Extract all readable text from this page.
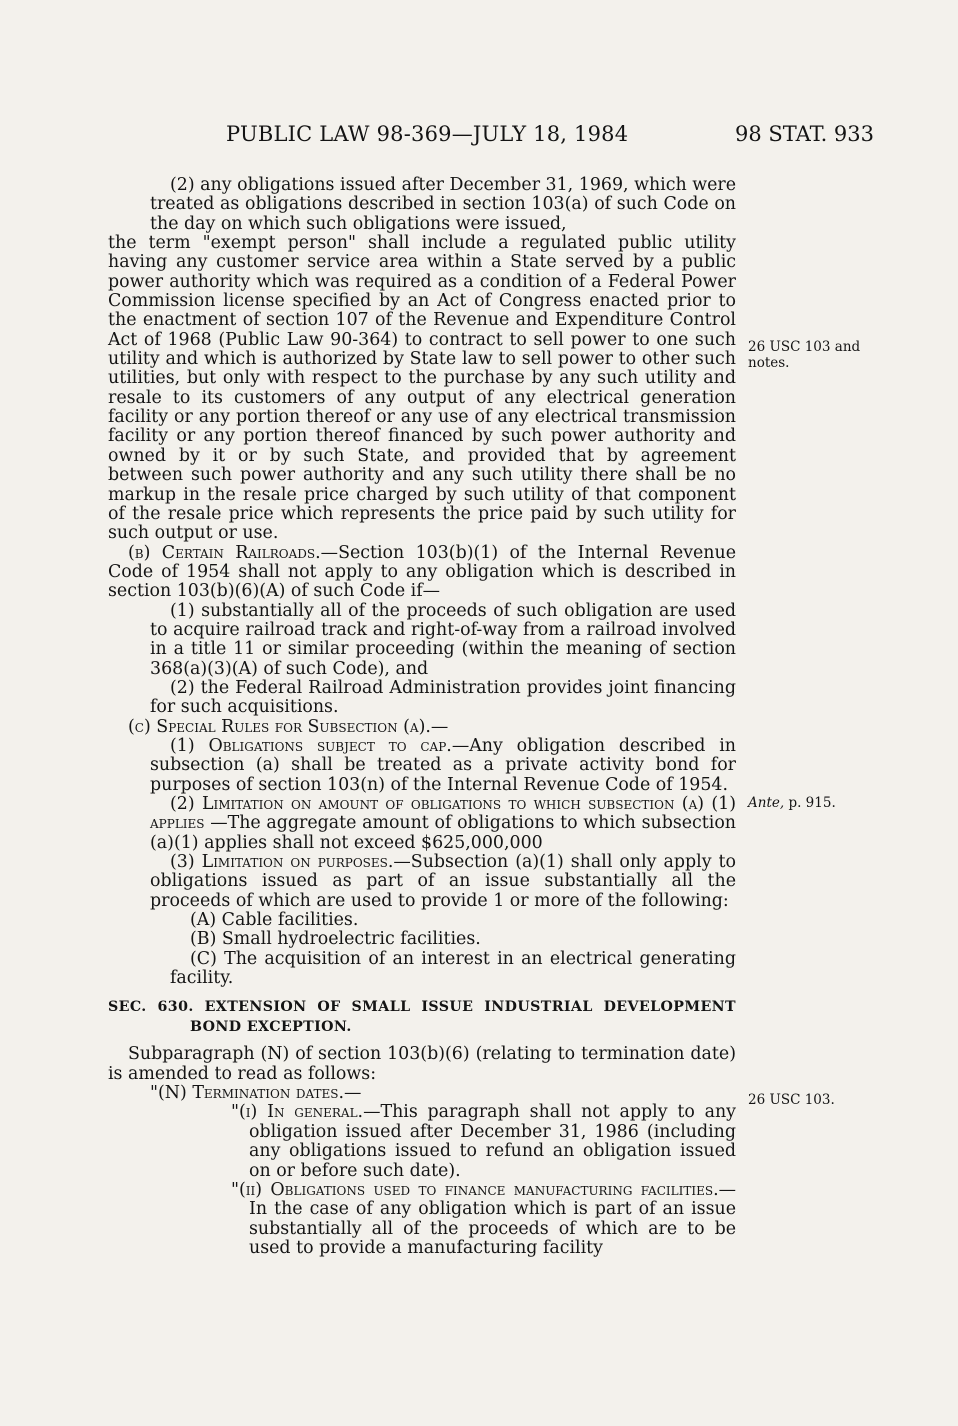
PUBLIC LAW 98-369—JULY 18, 1984	98 STAT. 933

(2) any obligations issued after December 31, 1969, which were treated as obligations described in section 103(a) of such Code on the day on which such obligations were issued,

the term "exempt person" shall include a regulated public utility having any customer service area within a State served by a public power authority which was required as a condition of a Federal Power Commission license specified by an Act of Congress enacted prior to the enactment of section 107 of the Revenue and Expenditure Control Act of 1968 (Public Law 90-364) to contract to sell power to one such utility and which is authorized by State law to sell power to other such utilities, but only with respect to the purchase by any such utility and resale to its customers of any output of any electrical generation facility or any portion thereof or any use of any electrical transmission facility or any portion thereof financed by such power authority and owned by it or by such State, and provided that by agreement between such power authority and any such utility there shall be no markup in the resale price charged by such utility of that component of the resale price which represents the price paid by such utility for such output or use.

(b) Certain Railroads.—Section 103(b)(1) of the Internal Revenue Code of 1954 shall not apply to any obligation which is described in section 103(b)(6)(A) of such Code if—

(1) substantially all of the proceeds of such obligation are used to acquire railroad track and right-of-way from a railroad involved in a title 11 or similar proceeding (within the meaning of section 368(a)(3)(A) of such Code), and

(2) the Federal Railroad Administration provides joint financing for such acquisitions.

(c) Special Rules for Subsection (a).—

(1) Obligations subject to cap.—Any obligation described in subsection (a) shall be treated as a private activity bond for purposes of section 103(n) of the Internal Revenue Code of 1954.

(2) Limitation on amount of obligations to which subsection (a) (1) applies —The aggregate amount of obligations to which subsection (a)(1) applies shall not exceed $625,000,000

(3) Limitation on purposes.—Subsection (a)(1) shall only apply to obligations issued as part of an issue substantially all the proceeds of which are used to provide 1 or more of the following:

(A) Cable facilities.

(B) Small hydroelectric facilities.

(C) The acquisition of an interest in an electrical generating facility.

SEC. 630. EXTENSION OF SMALL ISSUE INDUSTRIAL DEVELOPMENT BOND EXCEPTION.

Subparagraph (N) of section 103(b)(6) (relating to termination date) is amended to read as follows:

"(N) Termination dates.—

"(i) In general.—This paragraph shall not apply to any obligation issued after December 31, 1986 (including any obligations issued to refund an obligation issued on or before such date).

"(ii) Obligations used to finance manufacturing facilities.—In the case of any obligation which is part of an issue substantially all of the proceeds of which are to be used to provide a manufacturing facility

26 USC 103 and
notes.
Ante, p. 915.
26 USC 103.
